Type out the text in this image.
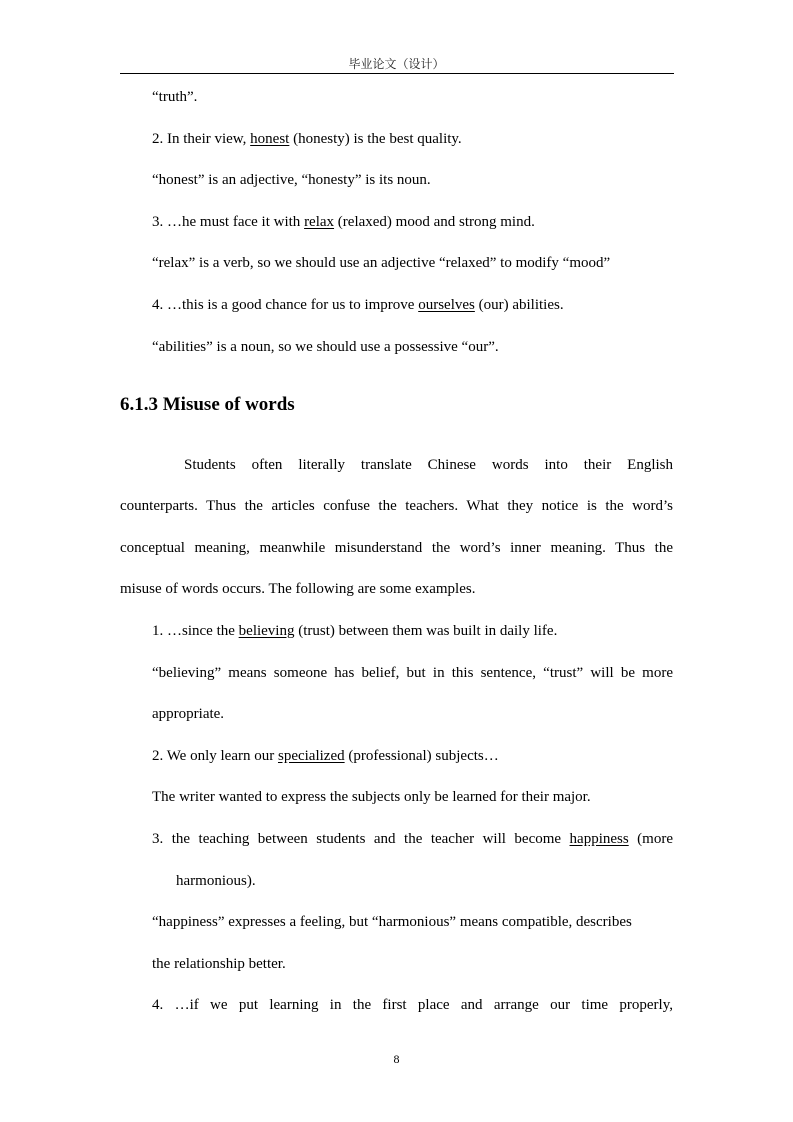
毕业论文（设计）
“truth”.
2. In their view, honest (honesty) is the best quality.
“honest” is an adjective, “honesty” is its noun.
3. …he must face it with relax (relaxed) mood and strong mind.
“relax” is a verb, so we should use an adjective “relaxed” to modify “mood”
4. …this is a good chance for us to improve ourselves (our) abilities.
“abilities” is a noun, so we should use a possessive “our”.
6.1.3 Misuse of words
Students often literally translate Chinese words into their English
counterparts. Thus the articles confuse the teachers. What they notice is the word’s
conceptual meaning, meanwhile misunderstand the word’s inner meaning. Thus the
misuse of words occurs. The following are some examples.
1. …since the believing (trust) between them was built in daily life.
“believing” means someone has belief, but in this sentence, “trust” will be more
appropriate.
2. We only learn our specialized (professional) subjects…
The writer wanted to express the subjects only be learned for their major.
3. the teaching between students and the teacher will become happiness (more
harmonious).
“happiness” expresses a feeling, but “harmonious” means compatible, describes
the relationship better.
4. …if we put learning in the first place and arrange our time properly,
8
